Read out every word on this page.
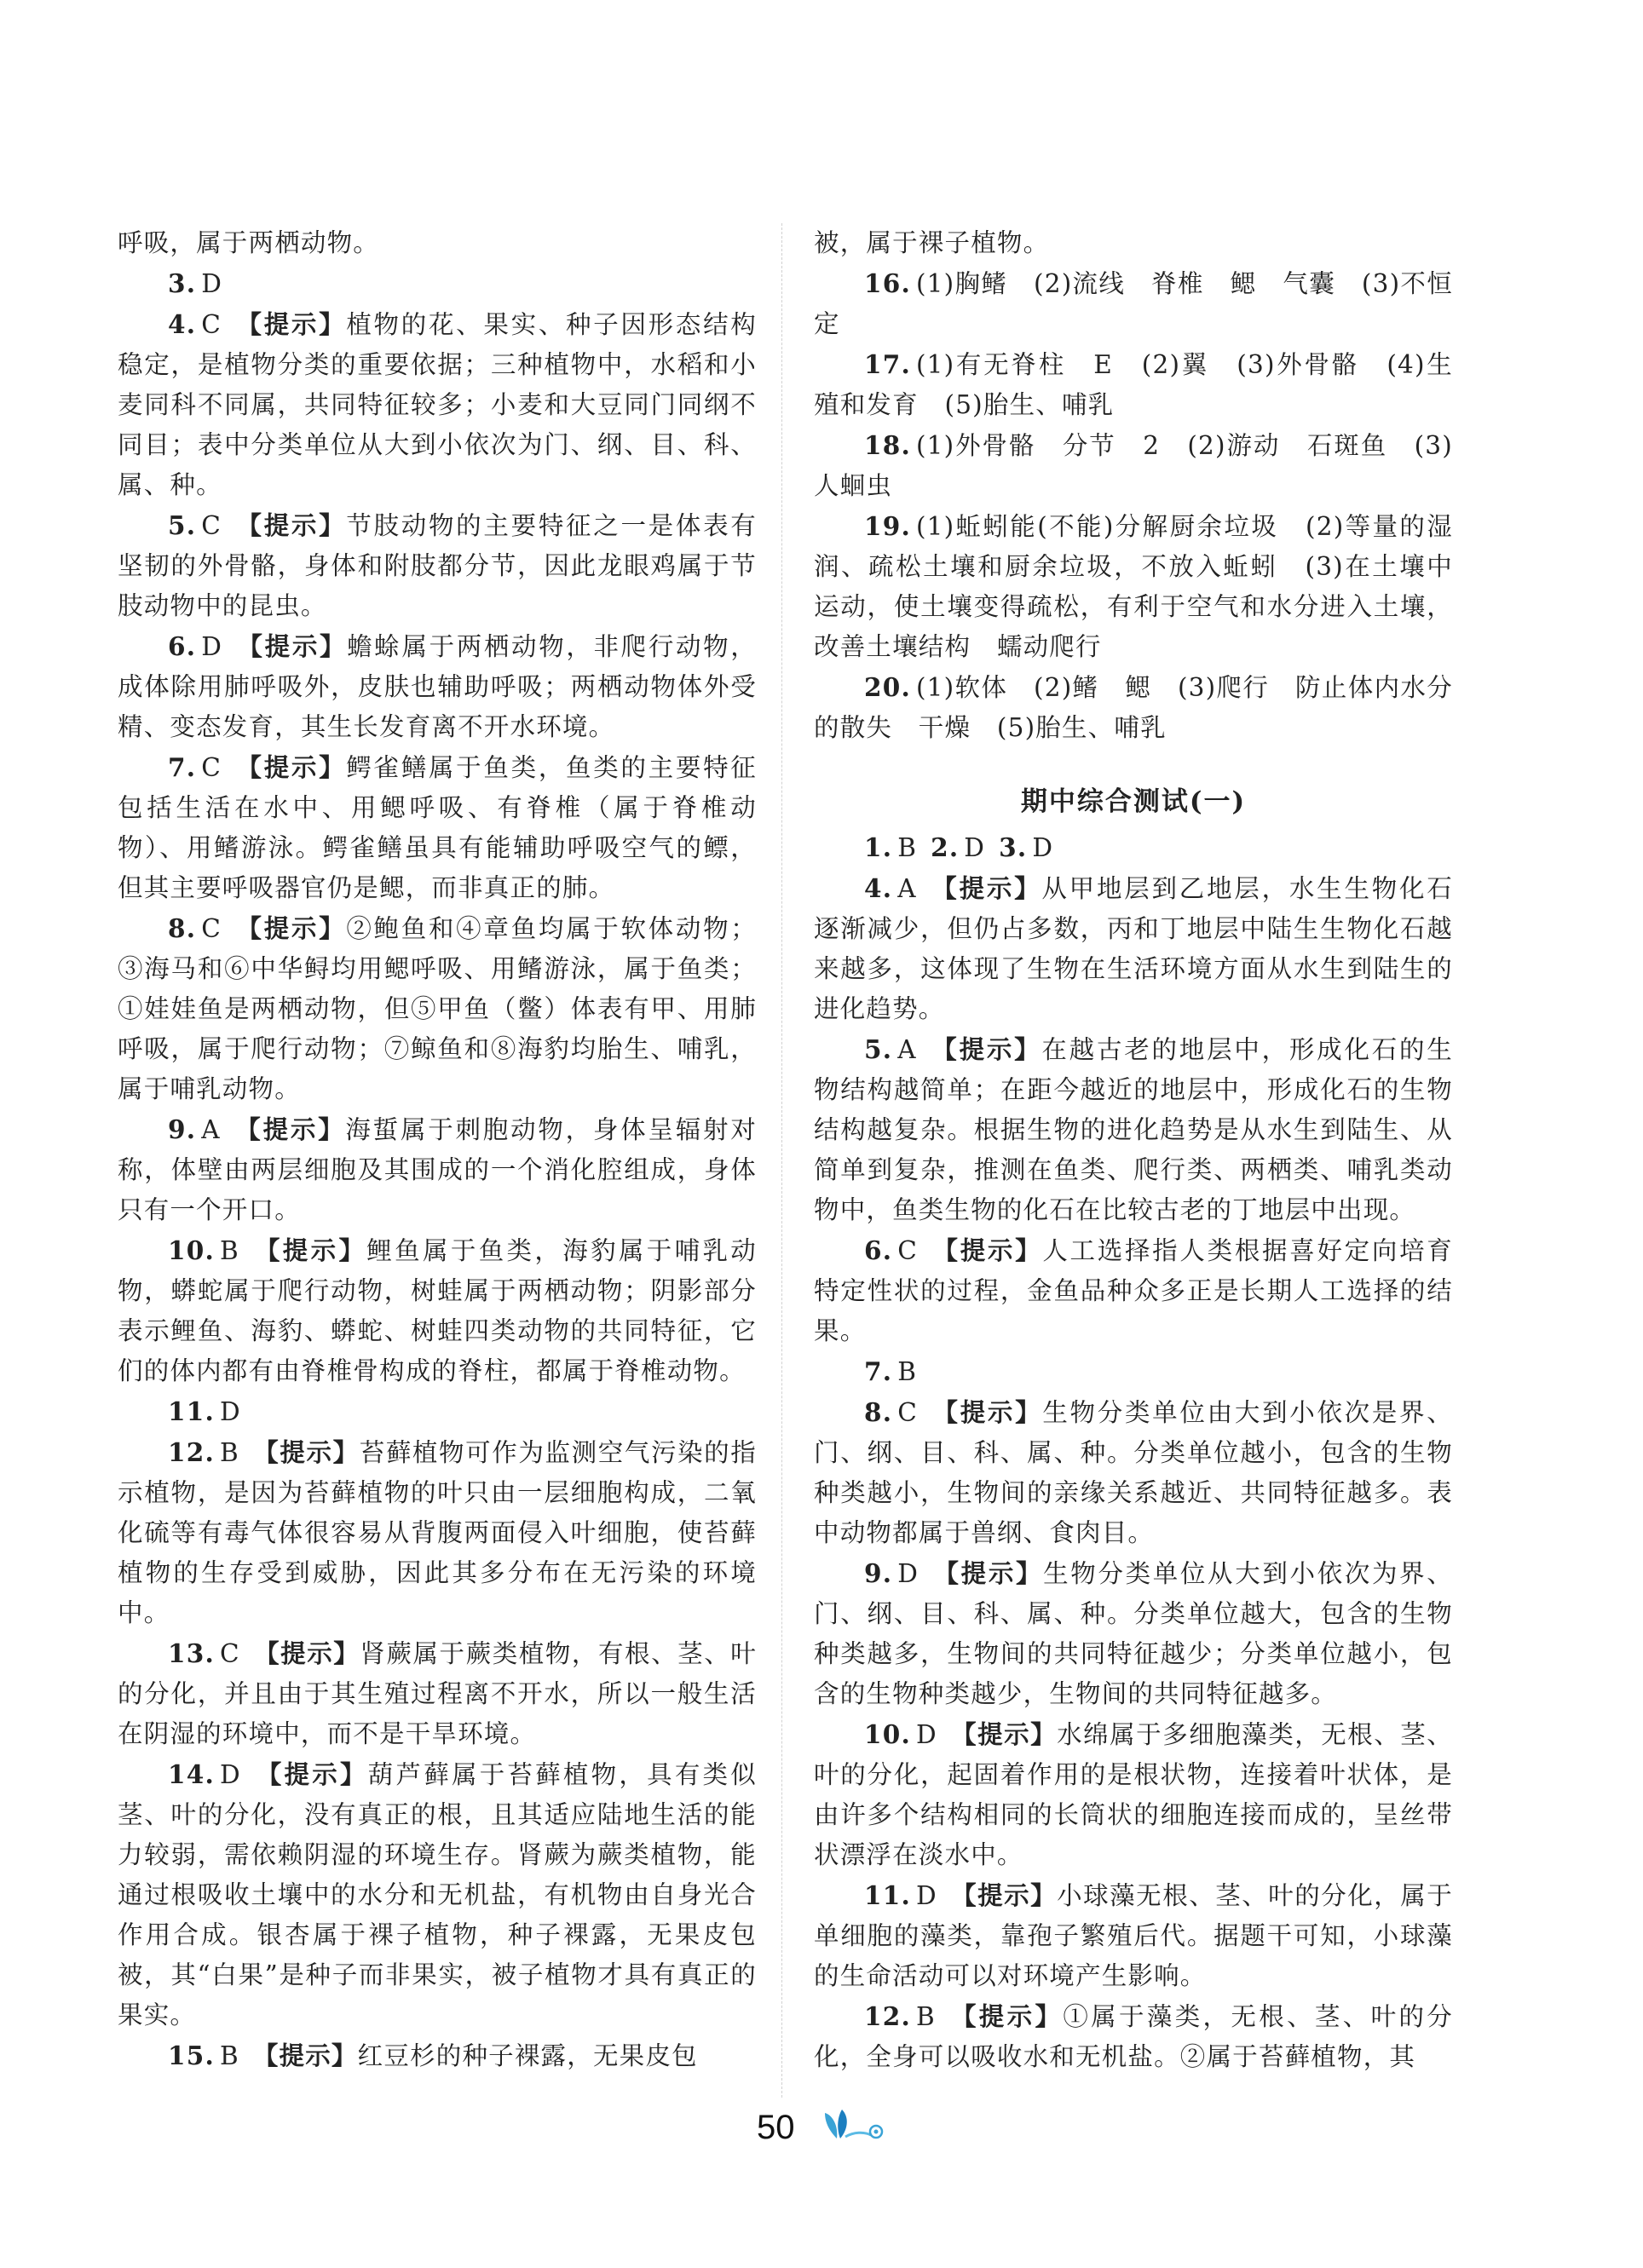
呼吸，属于两栖动物。

3. D

4. C 【提示】植物的花、果实、种子因形态结构稳定，是植物分类的重要依据；三种植物中，水稻和小麦同科不同属，共同特征较多；小麦和大豆同门同纲不同目；表中分类单位从大到小依次为门、纲、目、科、属、种。

5. C 【提示】节肢动物的主要特征之一是体表有坚韧的外骨骼，身体和附肢都分节，因此龙眼鸡属于节肢动物中的昆虫。

6. D 【提示】蟾蜍属于两栖动物，非爬行动物，成体除用肺呼吸外，皮肤也辅助呼吸；两栖动物体外受精、变态发育，其生长发育离不开水环境。

7. C 【提示】鳄雀鳝属于鱼类，鱼类的主要特征包括生活在水中、用鳃呼吸、有脊椎（属于脊椎动物）、用鳍游泳。鳄雀鳝虽具有能辅助呼吸空气的鳔，但其主要呼吸器官仍是鳃，而非真正的肺。

8. C 【提示】②鲍鱼和④章鱼均属于软体动物；③海马和⑥中华鲟均用鳃呼吸、用鳍游泳，属于鱼类；①娃娃鱼是两栖动物，但⑤甲鱼（鳖）体表有甲、用肺呼吸，属于爬行动物；⑦鲸鱼和⑧海豹均胎生、哺乳，属于哺乳动物。

9. A 【提示】海蜇属于刺胞动物，身体呈辐射对称，体壁由两层细胞及其围成的一个消化腔组成，身体只有一个开口。

10. B 【提示】鲤鱼属于鱼类，海豹属于哺乳动物，蟒蛇属于爬行动物，树蛙属于两栖动物；阴影部分表示鲤鱼、海豹、蟒蛇、树蛙四类动物的共同特征，它们的体内都有由脊椎骨构成的脊柱，都属于脊椎动物。

11. D

12. B 【提示】苔藓植物可作为监测空气污染的指示植物，是因为苔藓植物的叶只由一层细胞构成，二氧化硫等有毒气体很容易从背腹两面侵入叶细胞，使苔藓植物的生存受到威胁，因此其多分布在无污染的环境中。

13. C 【提示】肾蕨属于蕨类植物，有根、茎、叶的分化，并且由于其生殖过程离不开水，所以一般生活在阴湿的环境中，而不是干旱环境。

14. D 【提示】葫芦藓属于苔藓植物，具有类似茎、叶的分化，没有真正的根，且其适应陆地生活的能力较弱，需依赖阴湿的环境生存。肾蕨为蕨类植物，能通过根吸收土壤中的水分和无机盐，有机物由自身光合作用合成。银杏属于裸子植物，种子裸露，无果皮包被，其“白果”是种子而非果实，被子植物才具有真正的果实。

15. B 【提示】红豆杉的种子裸露，无果皮包

被，属于裸子植物。

16. (1)胸鳍　(2)流线　脊椎　鳃　气囊　(3)不恒定

17. (1)有无脊柱　E　(2)翼　(3)外骨骼　(4)生殖和发育　(5)胎生、哺乳

18. (1)外骨骼　分节　2　(2)游动　石斑鱼　(3)人蛔虫

19. (1)蚯蚓能(不能)分解厨余垃圾　(2)等量的湿润、疏松土壤和厨余垃圾，不放入蚯蚓　(3)在土壤中运动，使土壤变得疏松，有利于空气和水分进入土壤，改善土壤结构　蠕动爬行

20. (1)软体　(2)鳍　鳃　(3)爬行　防止体内水分的散失　干燥　(5)胎生、哺乳

期中综合测试(一)

1. B 2. D 3. D

4. A 【提示】从甲地层到乙地层，水生生物化石逐渐减少，但仍占多数，丙和丁地层中陆生生物化石越来越多，这体现了生物在生活环境方面从水生到陆生的进化趋势。

5. A 【提示】在越古老的地层中，形成化石的生物结构越简单；在距今越近的地层中，形成化石的生物结构越复杂。根据生物的进化趋势是从水生到陆生、从简单到复杂，推测在鱼类、爬行类、两栖类、哺乳类动物中，鱼类生物的化石在比较古老的丁地层中出现。

6. C 【提示】人工选择指人类根据喜好定向培育特定性状的过程，金鱼品种众多正是长期人工选择的结果。

7. B

8. C 【提示】生物分类单位由大到小依次是界、门、纲、目、科、属、种。分类单位越小，包含的生物种类越小，生物间的亲缘关系越近、共同特征越多。表中动物都属于兽纲、食肉目。

9. D 【提示】生物分类单位从大到小依次为界、门、纲、目、科、属、种。分类单位越大，包含的生物种类越多，生物间的共同特征越少；分类单位越小，包含的生物种类越少，生物间的共同特征越多。

10. D 【提示】水绵属于多细胞藻类，无根、茎、叶的分化，起固着作用的是根状物，连接着叶状体，是由许多个结构相同的长筒状的细胞连接而成的，呈丝带状漂浮在淡水中。

11. D 【提示】小球藻无根、茎、叶的分化，属于单细胞的藻类，靠孢子繁殖后代。据题干可知，小球藻的生命活动可以对环境产生影响。

12. B 【提示】①属于藻类，无根、茎、叶的分化，全身可以吸收水和无机盐。②属于苔藓植物，其

50
